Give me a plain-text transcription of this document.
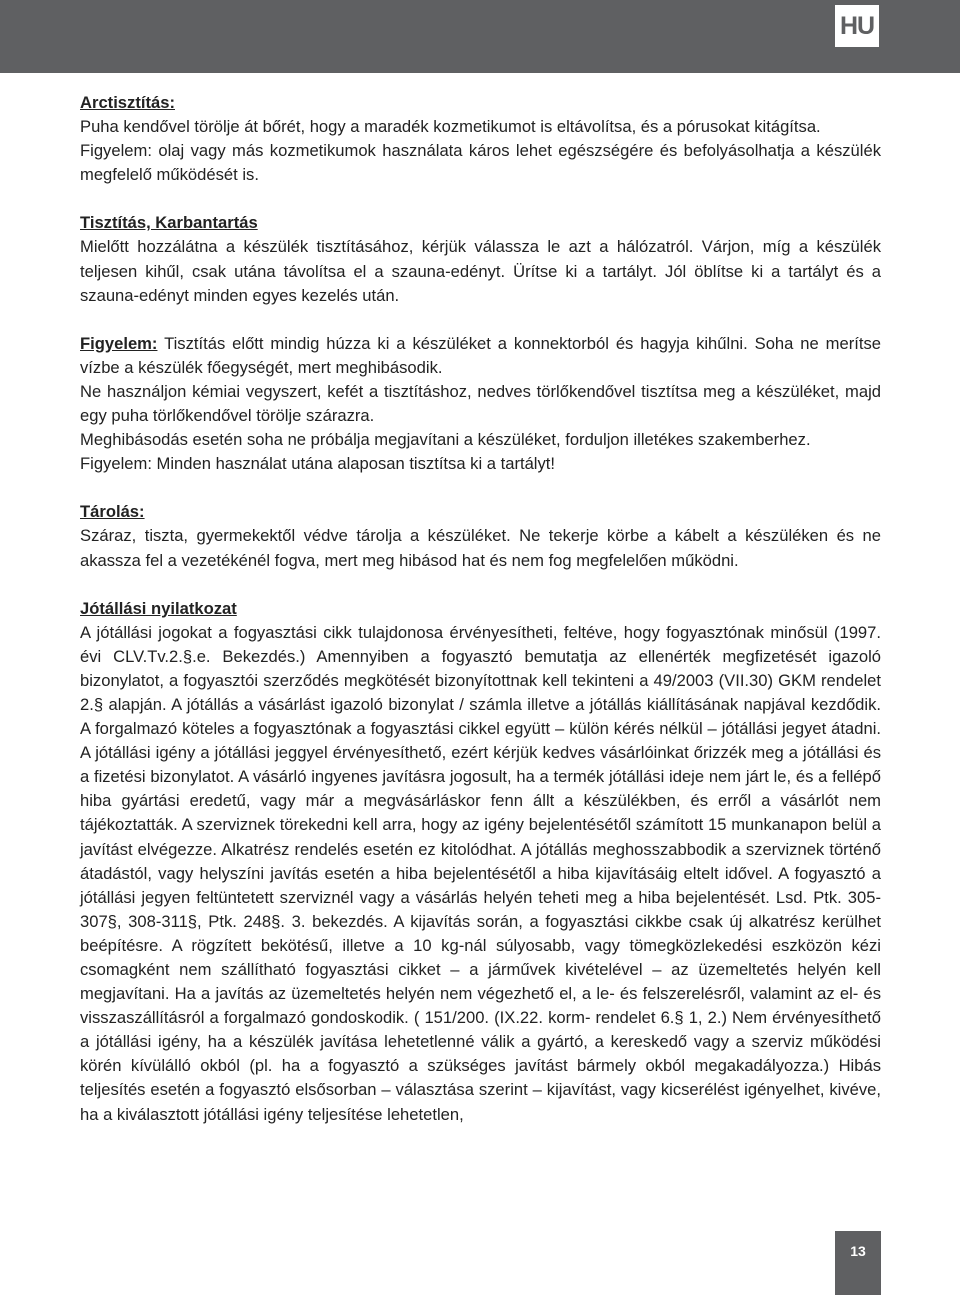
HU
Arctisztítás:

Puha kendővel törölje át bőrét, hogy a maradék kozmetikumot is eltávolítsa, és a pórusokat kitágítsa.

Figyelem: olaj vagy más kozmetikumok használata káros lehet egészségére és befolyásolhatja a készülék megfelelő működését is.

Tisztítás, Karbantartás

Mielőtt hozzálátna a készülék tisztításához, kérjük válassza le azt a hálózatról. Várjon, míg a készülék teljesen kihűl, csak utána távolítsa el a szauna-edényt. Ürítse ki a tartályt. Jól öblítse ki a tartályt és a szauna-edényt minden egyes kezelés után.

Figyelem: Tisztítás előtt mindig húzza ki a készüléket a konnektorból és hagyja kihűlni. Soha ne merítse vízbe a készülék főegységét, mert meghibásodik.

Ne használjon kémiai vegyszert, kefét a tisztításhoz, nedves törlőkendővel tisztítsa meg a készüléket, majd egy puha törlőkendővel törölje szárazra.

Meghibásodás esetén soha ne próbálja megjavítani a készüléket, forduljon illetékes szakemberhez.

Figyelem: Minden használat utána alaposan tisztítsa ki a tartályt!

Tárolás:

Száraz, tiszta, gyermekektől védve tárolja a készüléket. Ne tekerje körbe a kábelt a készüléken és ne akassza fel a vezetékénél fogva, mert meg hibásod hat és nem fog megfelelően működni.

Jótállási nyilatkozat

A jótállási jogokat a fogyasztási cikk tulajdonosa érvényesítheti, feltéve, hogy fogyasztónak minősül (1997. évi CLV.Tv.2.§.e. Bekezdés.) Amennyiben a fogyasztó bemutatja az ellenérték megfizetését igazoló bizonylatot, a fogyasztói szerződés megkötését bizonyítottnak kell tekinteni a 49/2003 (VII.30) GKM rendelet 2.§ alapján. A jótállás a vásárlást igazoló bizonylat / számla illetve a jótállás kiállításának napjával kezdődik. A forgalmazó köteles a fogyasztónak a fogyasztási cikkel együtt – külön kérés nélkül – jótállási jegyet átadni. A jótállási igény a jótállási jeggyel érvényesíthető, ezért kérjük kedves vásárlóinkat őrizzék meg a jótállási és a fizetési bizonylatot. A vásárló ingyenes javításra jogosult, ha a termék jótállási ideje nem járt le, és a fellépő hiba gyártási eredetű, vagy már a megvásárláskor fenn állt a készülékben, és erről a vásárlót nem tájékoztatták. A szerviznek törekedni kell arra, hogy az igény bejelentésétől számított 15 munkanapon belül a javítást elvégezze. Alkatrész rendelés esetén ez kitolódhat. A jótállás meghosszabbodik a szerviznek történő átadástól, vagy helyszíni javítás esetén a hiba bejelentésétől a hiba kijavításáig eltelt idővel. A fogyasztó a jótállási jegyen feltüntetett szerviznél vagy a vásárlás helyén teheti meg a hiba bejelentését. Lsd. Ptk. 305-307§, 308-311§, Ptk. 248§. 3. bekezdés. A kijavítás során, a fogyasztási cikkbe csak új alkatrész kerülhet beépítésre. A rögzített bekötésű, illetve a 10 kg-nál súlyosabb, vagy tömegközlekedési eszközön kézi csomagként nem szállítható fogyasztási cikket – a járművek kivételével – az üzemeltetés helyén kell megjavítani. Ha a javítás az üzemeltetés helyén nem végezhető el, a le- és felszerelésről, valamint az el- és visszaszállításról a forgalmazó gondoskodik. ( 151/200. (IX.22. korm- rendelet 6.§ 1, 2.) Nem érvényesíthető a jótállási igény, ha a készülék javítása lehetetlenné válik a gyártó, a kereskedő vagy a szerviz működési körén kívülálló okból (pl. ha a fogyasztó a szükséges javítást bármely okból megakadályozza.) Hibás teljesítés esetén a fogyasztó elsősorban – választása szerint – kijavítást, vagy kicserélést igényelhet, kivéve, ha a kiválasztott jótállási igény teljesítése lehetetlen,

13
